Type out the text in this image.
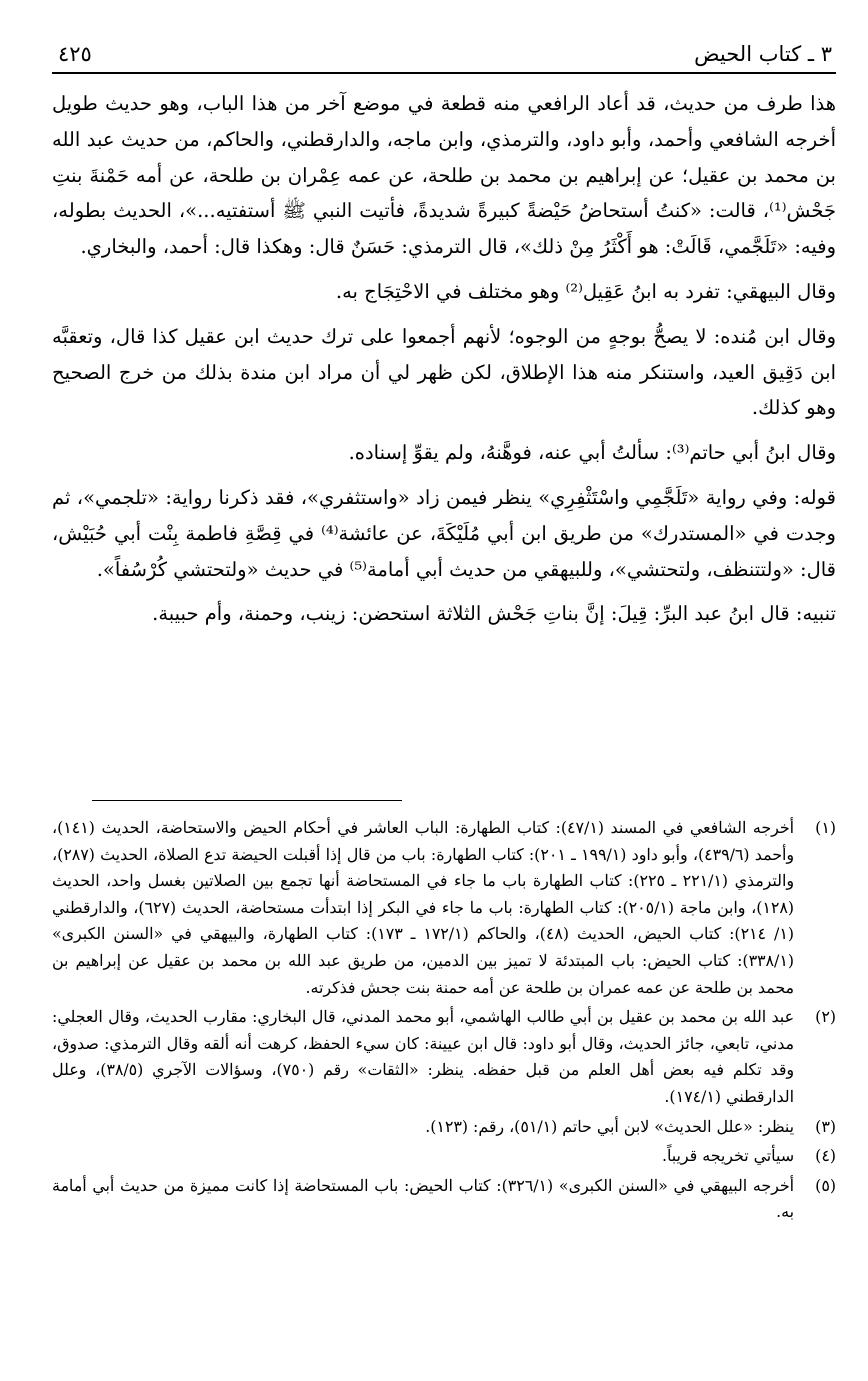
٣ ـ كتاب الحيض
٤٢٥

هذا طرف من حديث، قد أعاد الرافعي منه قطعة في موضع آخر من هذا الباب، وهو حديث طويل أخرجه الشافعي وأحمد، وأبو داود، والترمذي، وابن ماجه، والدارقطني، والحاكم، من حديث عبد الله بن محمد بن عقيل؛ عن إبراهيم بن محمد بن طلحة، عن عمه عِمْران بن طلحة، عن أمه حَمْنةَ بنتِ جَحْش⁽¹⁾، قالت: «كنتُ أستحاضُ حَيْضةً كبيرةً شديدةً، فأتيت النبي ﷺ أستفتيه...»، الحديث بطوله، وفيه: «تَلَجَّمي، قَالَتْ: هو أَكْثَرُ مِنْ ذلك»، قال الترمذي: حَسَنٌ قال: وهكذا قال: أحمد، والبخاري.

وقال البيهقي: تفرد به ابنُ عَقِيل⁽²⁾ وهو مختلف في الاحْتِجَاج به.

وقال ابن مُنده: لا يصحُّ بوجهٍ من الوجوه؛ لأنهم أجمعوا على ترك حديث ابن عقيل كذا قال، وتعقبَّه ابن دَقِيق العيد، واستنكر منه هذا الإطلاق، لكن ظهر لي أن مراد ابن مندة بذلك من خرج الصحيح وهو كذلك.

وقال ابنُ أبي حاتم⁽³⁾: سألتُ أبي عنه، فوهَّنهُ، ولم يقوِّ إسناده.

قوله: وفي رواية «تَلَجَّمِي واسْتَثْفِرِي» ينظر فيمن زاد «واستثفري»، فقد ذكرنا رواية: «تلجمي»، ثم وجدت في «المستدرك» من طريق ابن أبي مُلَيْكَةَ، عن عائشة⁽⁴⁾ في قِصَّةِ فاطمة بِنْت أبي حُبَيْش، قال: «ولتتنظف، ولتحتشي»، وللبيهقي من حديث أبي أمامة⁽⁵⁾ في حديث «ولتحتشي كُرْسُفاً».

تنبيه: قال ابنُ عبد البرِّ: قِيلَ: إنَّ بناتِ جَحْش الثلاثة استحضن: زينب، وحمنة، وأم حبيبة.

(١)
أخرجه الشافعي في المسند (٤٧/١): كتاب الطهارة: الباب العاشر في أحكام الحيض والاستحاضة، الحديث (١٤١)، وأحمد (٤٣٩/٦)، وأبو داود (١٩٩/١ ـ ٢٠١): كتاب الطهارة: باب من قال إذا أقبلت الحيضة تدع الصلاة، الحديث (٢٨٧)، والترمذي (٢٢١/١ ـ ٢٢٥): كتاب الطهارة باب ما جاء في المستحاضة أنها تجمع بين الصلاتين بغسل واحد، الحديث (١٢٨)، وابن ماجة (٢٠٥/١): كتاب الطهارة: باب ما جاء في البكر إذا ابتدأت مستحاضة، الحديث (٦٢٧)، والدارقطني (١/ ٢١٤): كتاب الحيض، الحديث (٤٨)، والحاكم (١٧٢/١ ـ ١٧٣): كتاب الطهارة، والبيهقي في «السنن الكبرى» (٣٣٨/١): كتاب الحيض: باب المبتدئة لا تميز بين الدمين، من طريق عبد الله بن محمد بن عقيل عن إبراهيم بن محمد بن طلحة عن عمه عمران بن طلحة عن أمه حمنة بنت جحش فذكرته.
(٢)
عبد الله بن محمد بن عقيل بن أبي طالب الهاشمي، أبو محمد المدني، قال البخاري: مقارب الحديث، وقال العجلي: مدني، تابعي، جائز الحديث، وقال أبو داود: قال ابن عيينة: كان سيء الحفظ، كرهت أنه ألقه وقال الترمذي: صدوق، وقد تكلم فيه بعض أهل العلم من قبل حفظه. ينظر: «الثقات» رقم (٧٥٠)، وسؤالات الآجري (٣٨/٥)، وعلل الدارقطني (١٧٤/١).
(٣)
ينظر: «علل الحديث» لابن أبي حاتم (٥١/١)، رقم: (١٢٣).
(٤)
سيأتي تخريجه قريباً.
(٥)
أخرجه البيهقي في «السنن الكبرى» (٣٢٦/١): كتاب الحيض: باب المستحاضة إذا كانت مميزة من حديث أبي أمامة به.
